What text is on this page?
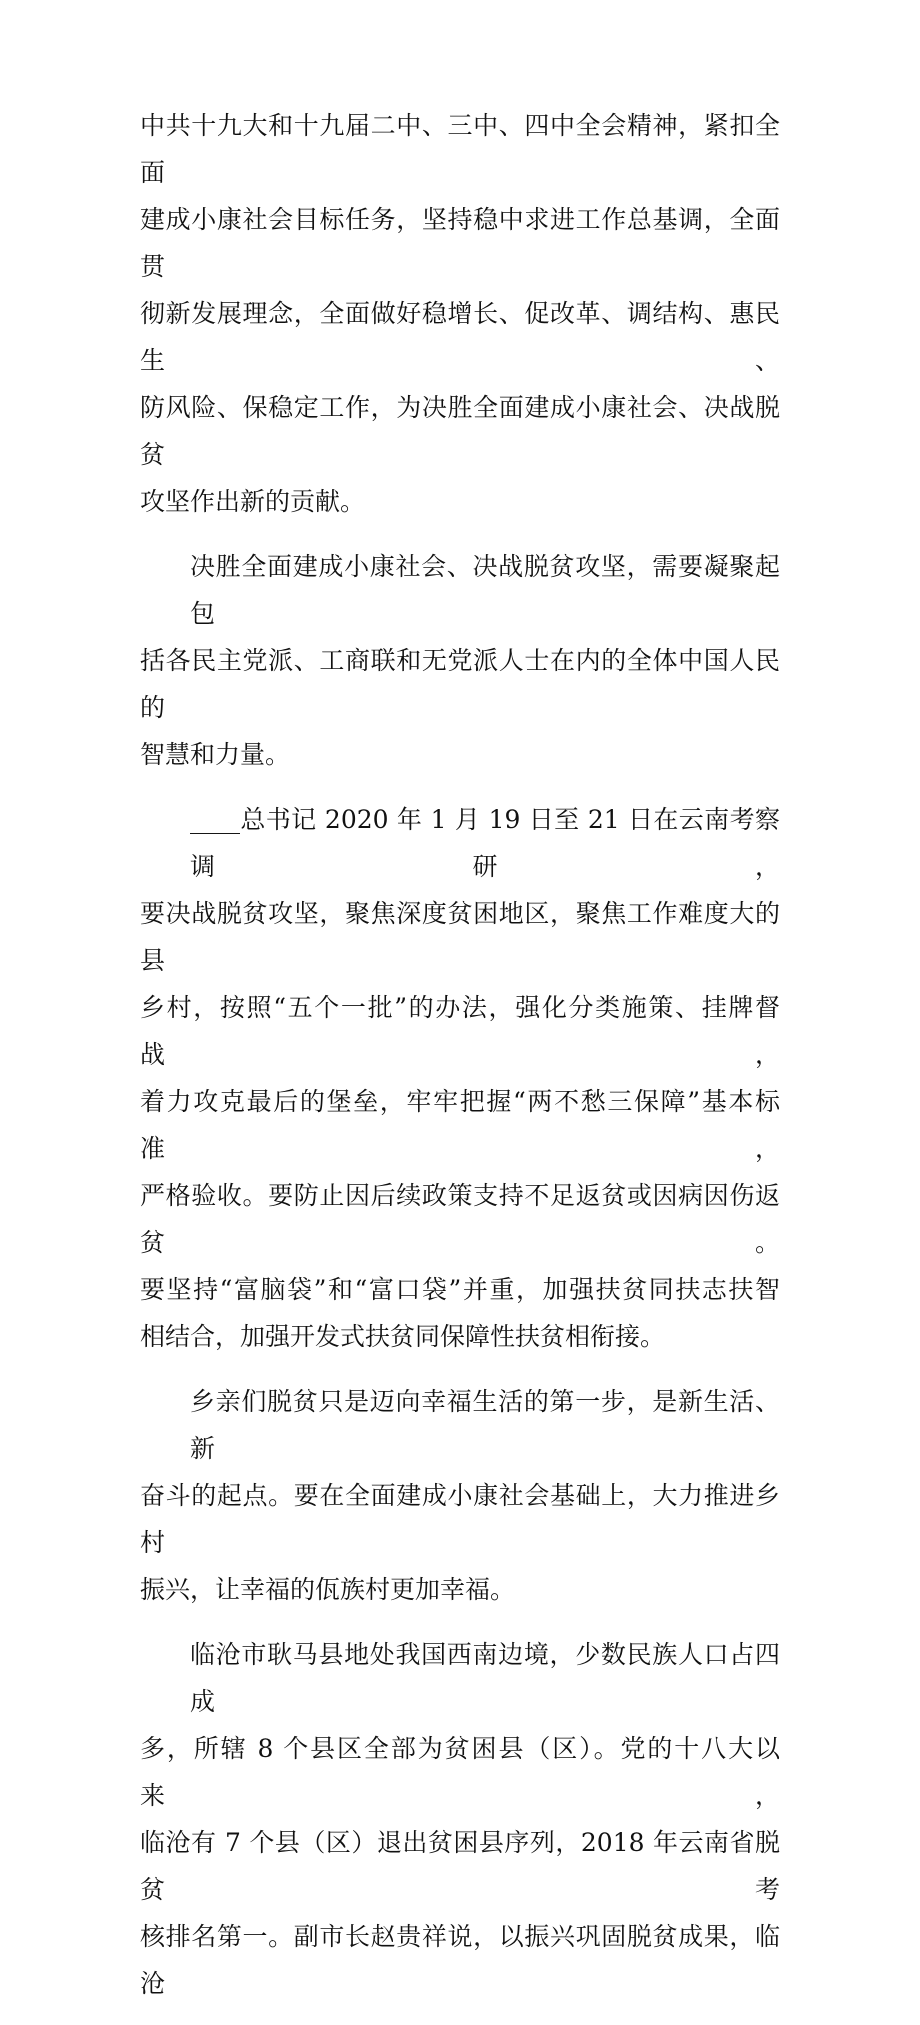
中共十九大和十九届二中、三中、四中全会精神，紧扣全面
建成小康社会目标任务，坚持稳中求进工作总基调，全面贯
彻新发展理念，全面做好稳增长、促改革、调结构、惠民生、
防风险、保稳定工作，为决胜全面建成小康社会、决战脱贫
攻坚作出新的贡献。

决胜全面建成小康社会、决战脱贫攻坚，需要凝聚起包
括各民主党派、工商联和无党派人士在内的全体中国人民的
智慧和力量。

____总书记 2020 年 1 月 19 日至 21 日在云南考察调研，
要决战脱贫攻坚，聚焦深度贫困地区，聚焦工作难度大的县
乡村，按照“五个一批”的办法，强化分类施策、挂牌督战，
着力攻克最后的堡垒，牢牢把握“两不愁三保障”基本标准，
严格验收。要防止因后续政策支持不足返贫或因病因伤返贫。
要坚持“富脑袋”和“富口袋”并重，加强扶贫同扶志扶智
相结合，加强开发式扶贫同保障性扶贫相衔接。

乡亲们脱贫只是迈向幸福生活的第一步，是新生活、新
奋斗的起点。要在全面建成小康社会基础上，大力推进乡村
振兴，让幸福的佤族村更加幸福。

临沧市耿马县地处我国西南边境，少数民族人口占四成
多，所辖 8 个县区全部为贫困县（区）。党的十八大以来，
临沧有 7 个县（区）退出贫困县序列，2018 年云南省脱贫考
核排名第一。副市长赵贵祥说，以振兴巩固脱贫成果，临沧
